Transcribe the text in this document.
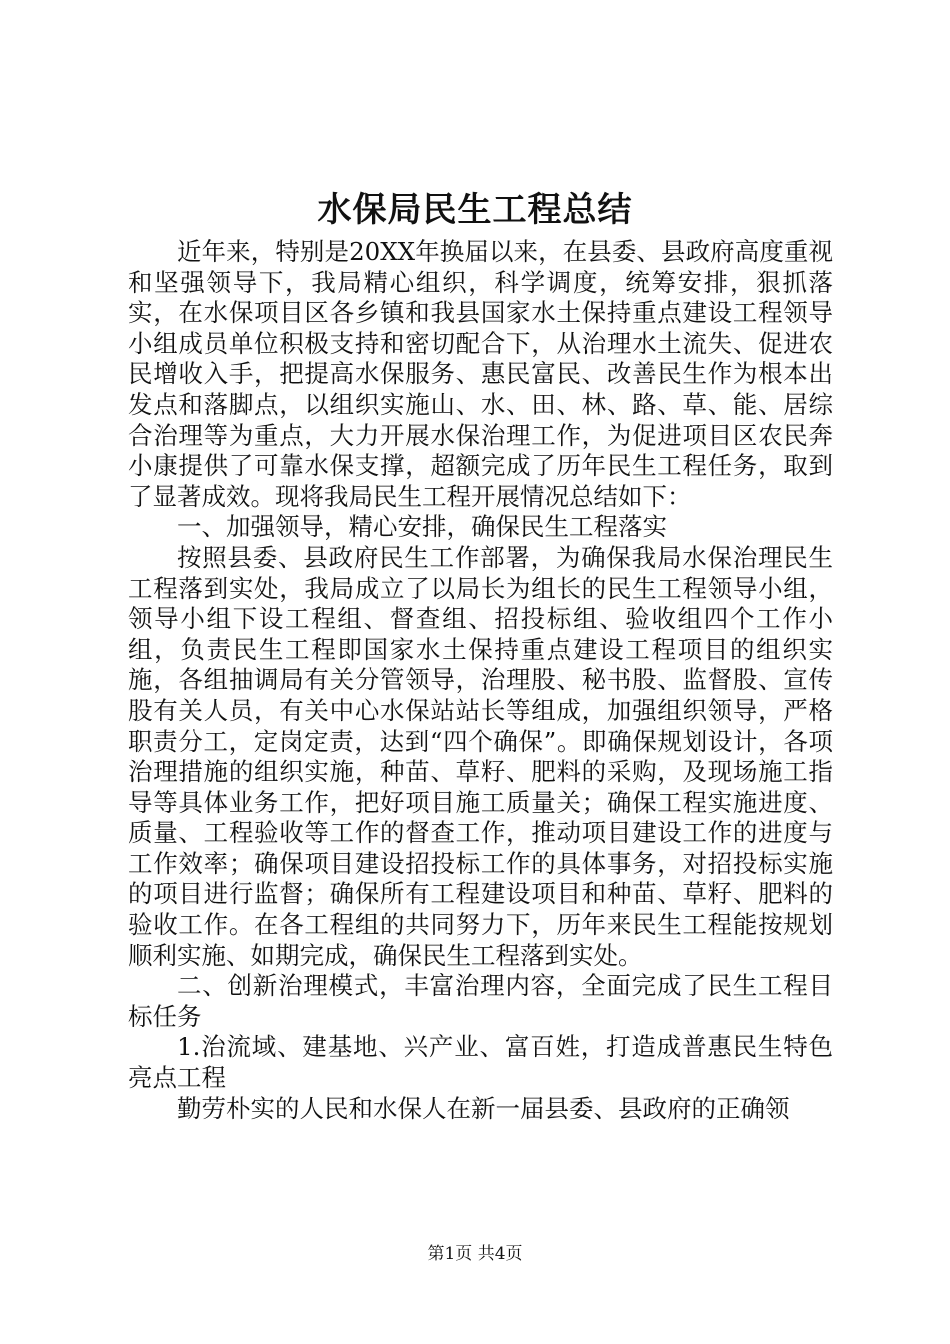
水保局民生工程总结

近年来，特别是20XX年换届以来，在县委、县政府高度重视和坚强领导下，我局精心组织，科学调度，统筹安排，狠抓落实，在水保项目区各乡镇和我县国家水土保持重点建设工程领导小组成员单位积极支持和密切配合下，从治理水土流失、促进农民增收入手，把提高水保服务、惠民富民、改善民生作为根本出发点和落脚点，以组织实施山、水、田、林、路、草、能、居综合治理等为重点，大力开展水保治理工作，为促进项目区农民奔小康提供了可靠水保支撑，超额完成了历年民生工程任务，取到了显著成效。现将我局民生工程开展情况总结如下：

一、加强领导，精心安排，确保民生工程落实

按照县委、县政府民生工作部署，为确保我局水保治理民生工程落到实处，我局成立了以局长为组长的民生工程领导小组，领导小组下设工程组、督查组、招投标组、验收组四个工作小组，负责民生工程即国家水土保持重点建设工程项目的组织实施，各组抽调局有关分管领导，治理股、秘书股、监督股、宣传股有关人员，有关中心水保站站长等组成，加强组织领导，严格职责分工，定岗定责，达到“四个确保”。即确保规划设计，各项治理措施的组织实施，种苗、草籽、肥料的采购，及现场施工指导等具体业务工作，把好项目施工质量关；确保工程实施进度、质量、工程验收等工作的督查工作，推动项目建设工作的进度与工作效率；确保项目建设招投标工作的具体事务，对招投标实施的项目进行监督；确保所有工程建设项目和种苗、草籽、肥料的验收工作。在各工程组的共同努力下，历年来民生工程能按规划顺利实施、如期完成，确保民生工程落到实处。

二、创新治理模式，丰富治理内容，全面完成了民生工程目标任务

1.治流域、建基地、兴产业、富百姓，打造成普惠民生特色亮点工程

勤劳朴实的人民和水保人在新一届县委、县政府的正确领

第1页 共4页
